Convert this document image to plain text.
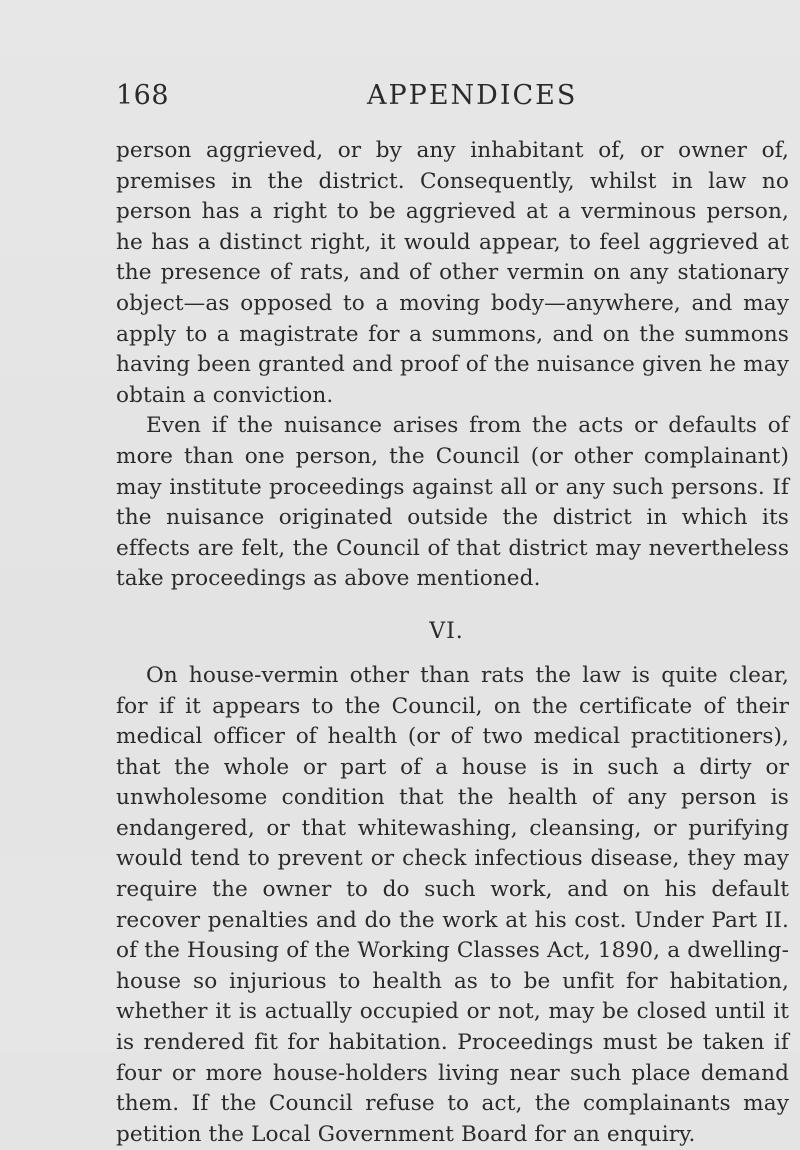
168	APPENDICES

person aggrieved, or by any inhabitant of, or owner of, premises in the district. Consequently, whilst in law no person has a right to be aggrieved at a verminous person, he has a distinct right, it would appear, to feel aggrieved at the presence of rats, and of other vermin on any stationary object—as opposed to a moving body—anywhere, and may apply to a magistrate for a summons, and on the summons having been granted and proof of the nuisance given he may obtain a conviction.

Even if the nuisance arises from the acts or defaults of more than one person, the Council (or other complainant) may institute proceedings against all or any such persons. If the nuisance originated outside the district in which its effects are felt, the Council of that district may nevertheless take proceedings as above mentioned.

VI.

On house-vermin other than rats the law is quite clear, for if it appears to the Council, on the certificate of their medical officer of health (or of two medical practitioners), that the whole or part of a house is in such a dirty or unwholesome condition that the health of any person is endangered, or that whitewashing, cleansing, or purifying would tend to prevent or check infectious disease, they may require the owner to do such work, and on his default recover penalties and do the work at his cost. Under Part II. of the Housing of the Working Classes Act, 1890, a dwelling-house so injurious to health as to be unfit for habitation, whether it is actually occupied or not, may be closed until it is rendered fit for habitation. Proceedings must be taken if four or more house-holders living near such place demand them. If the Council refuse to act, the complainants may petition the Local Government Board for an enquiry.
